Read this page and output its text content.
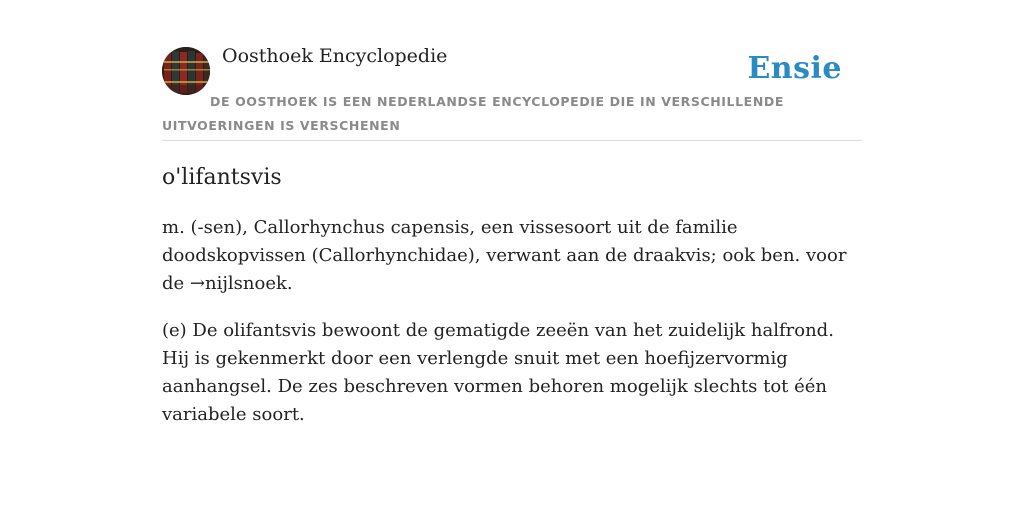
Oosthoek Encyclopedie	Ensie
DE OOSTHOEK IS EEN NEDERLANDSE ENCYCLOPEDIE DIE IN VERSCHILLENDE UITVOERINGEN IS VERSCHENEN
o'lifantsvis

m. (-sen), Callorhynchus capensis, een vissesoort uit de familie doodskopvissen (Callorhynchidae), verwant aan de draakvis; ook ben. voor de →nijlsnoek.

(e) De olifantsvis bewoont de gematigde zeeën van het zuidelijk halfrond. Hij is gekenmerkt door een verlengde snuit met een hoefijzervormig aanhangsel. De zes beschreven vormen behoren mogelijk slechts tot één variabele soort.
